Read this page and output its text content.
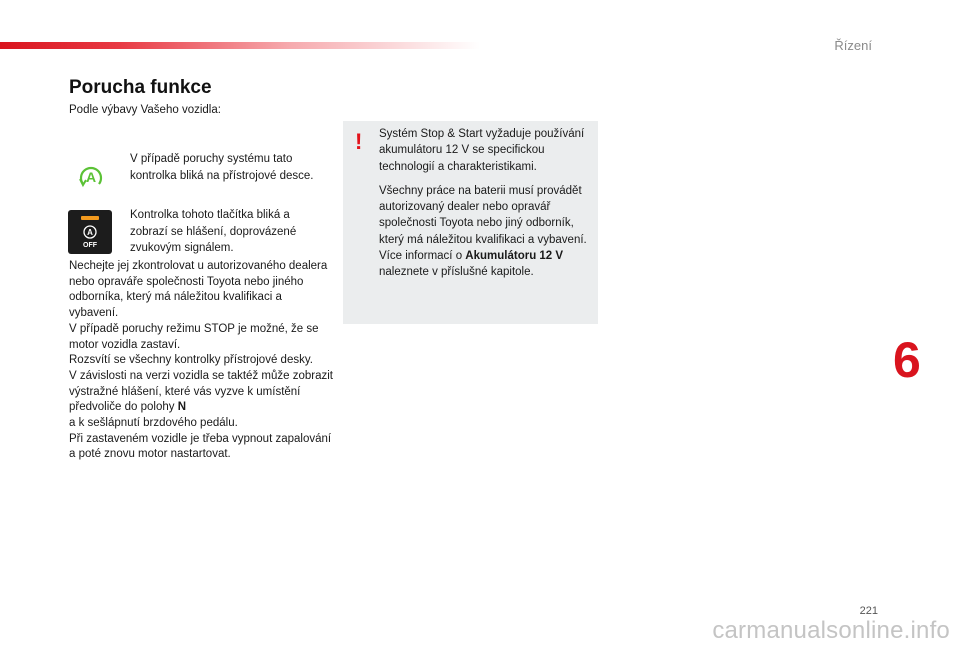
Řízení
Porucha funkce
Podle výbavy Vašeho vozidla:
A
V případě poruchy systému tato kontrolka bliká na přístrojové desce.
A
OFF
Kontrolka tohoto tlačítka bliká a zobrazí se hlášení, doprovázené zvukovým signálem.

Nechejte jej zkontrolovat u autorizovaného dealera nebo opraváře společnosti Toyota nebo jiného odborníka, který má náležitou kvalifikaci a vybavení.

V případě poruchy režimu STOP je možné, že se motor vozidla zastaví.

Rozsvítí se všechny kontrolky přístrojové desky.

V závislosti na verzi vozidla se taktéž může zobrazit výstražné hlášení, které vás vyzve k umístění předvoliče do polohy N

a k sešlápnutí brzdového pedálu.

Při zastaveném vozidle je třeba vypnout zapalování a poté znovu motor nastartovat.

! Systém Stop & Start vyžaduje používání akumulátoru 12 V se specifickou technologií a charakteristikami.

Všechny práce na baterii musí provádět autorizovaný dealer nebo opravář společnosti Toyota nebo jiný odborník, který má náležitou kvalifikaci a vybavení.

Více informací o Akumulátoru 12 V naleznete v příslušné kapitole.

6
221
carmanualsonline.info
